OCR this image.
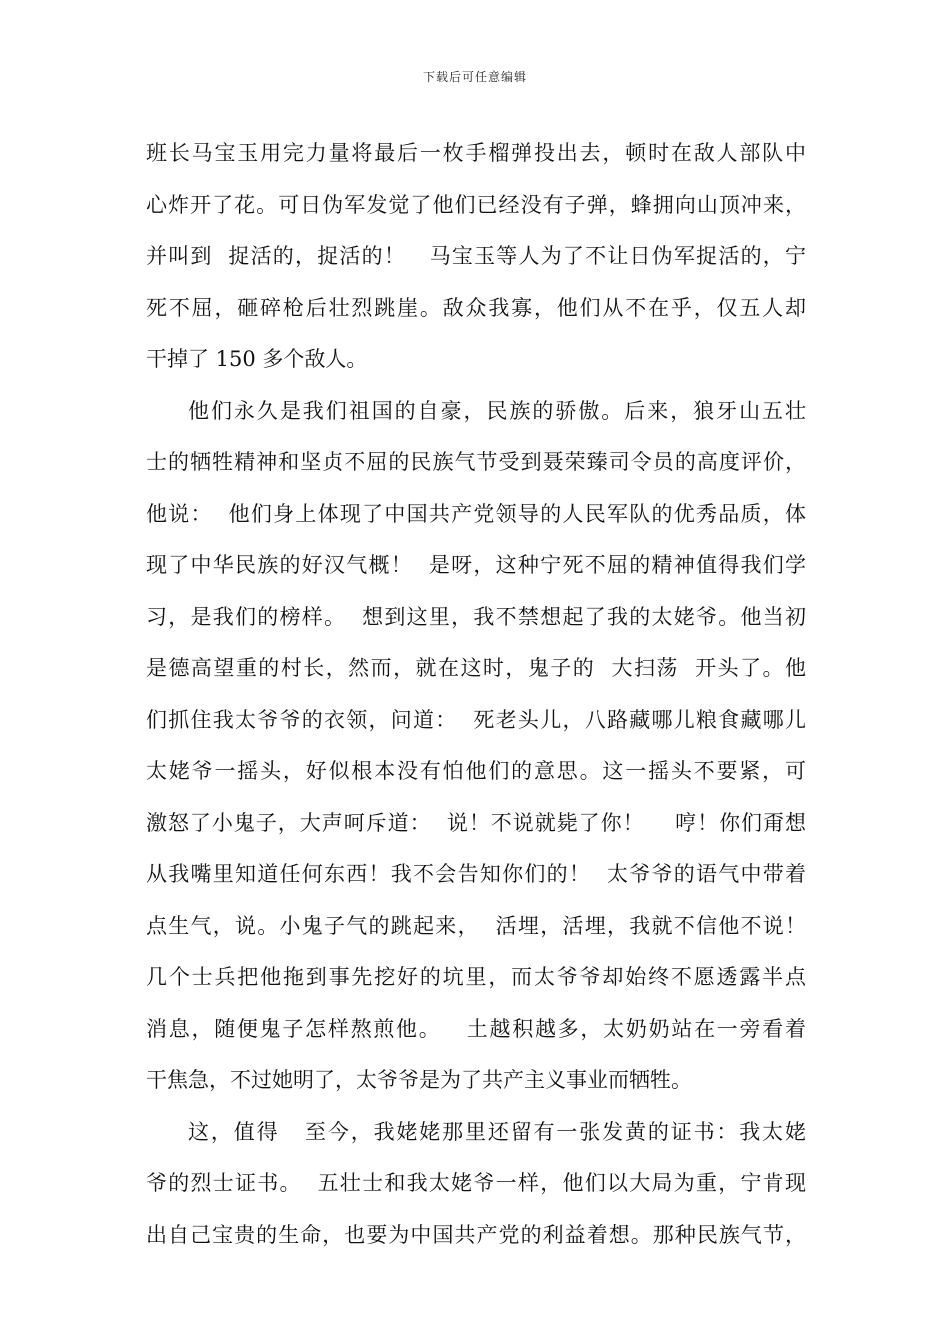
下载后可任意编辑
班长马宝玉用完力量将最后一枚手榴弹投出去，顿时在敌人部队中
心炸开了花。可日伪军发觉了他们已经没有子弹，蜂拥向山顶冲来，
并叫到  捉活的，捉活的！   马宝玉等人为了不让日伪军捉活的，宁
死不屈，砸碎枪后壮烈跳崖。敌众我寡，他们从不在乎，仅五人却
干掉了 150 多个敌人。
他们永久是我们祖国的自豪，民族的骄傲。后来，狼牙山五壮
士的牺牲精神和坚贞不屈的民族气节受到聂荣臻司令员的高度评价，
他说：  他们身上体现了中国共产党领导的人民军队的优秀品质，体
现了中华民族的好汉气概！  是呀，这种宁死不屈的精神值得我们学
习，是我们的榜样。  想到这里，我不禁想起了我的太姥爷。他当初
是德高望重的村长，然而，就在这时，鬼子的  大扫荡  开头了。他
们抓住我太爷爷的衣领，问道：  死老头儿，八路藏哪儿粮食藏哪儿
太姥爷一摇头，好似根本没有怕他们的意思。这一摇头不要紧，可
激怒了小鬼子，大声呵斥道：  说！不说就毙了你！    哼！你们甭想
从我嘴里知道任何东西！我不会告知你们的！  太爷爷的语气中带着
点生气，说。小鬼子气的跳起来，  活埋，活埋，我就不信他不说！
几个士兵把他拖到事先挖好的坑里，而太爷爷却始终不愿透露半点
消息，随便鬼子怎样熬煎他。   土越积越多，太奶奶站在一旁看着
干焦急，不过她明了，太爷爷是为了共产主义事业而牺牲。
这，值得   至今，我姥姥那里还留有一张发黄的证书：我太姥
爷的烈士证书。  五壮士和我太姥爷一样，他们以大局为重，宁肯现
出自己宝贵的生命，也要为中国共产党的利益着想。那种民族气节，
